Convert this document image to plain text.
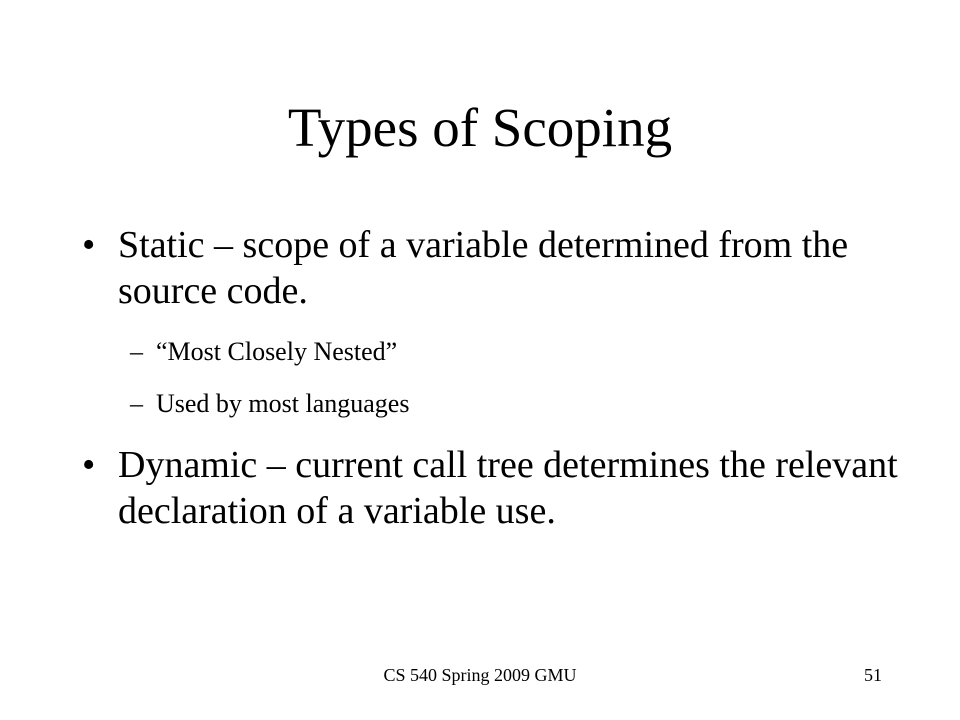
Types of Scoping
• Static – scope of a variable determined from the source code.
– “Most Closely Nested”
– Used by most languages
• Dynamic – current call tree determines the relevant declaration of a variable use.
CS 540 Spring 2009 GMU	51
